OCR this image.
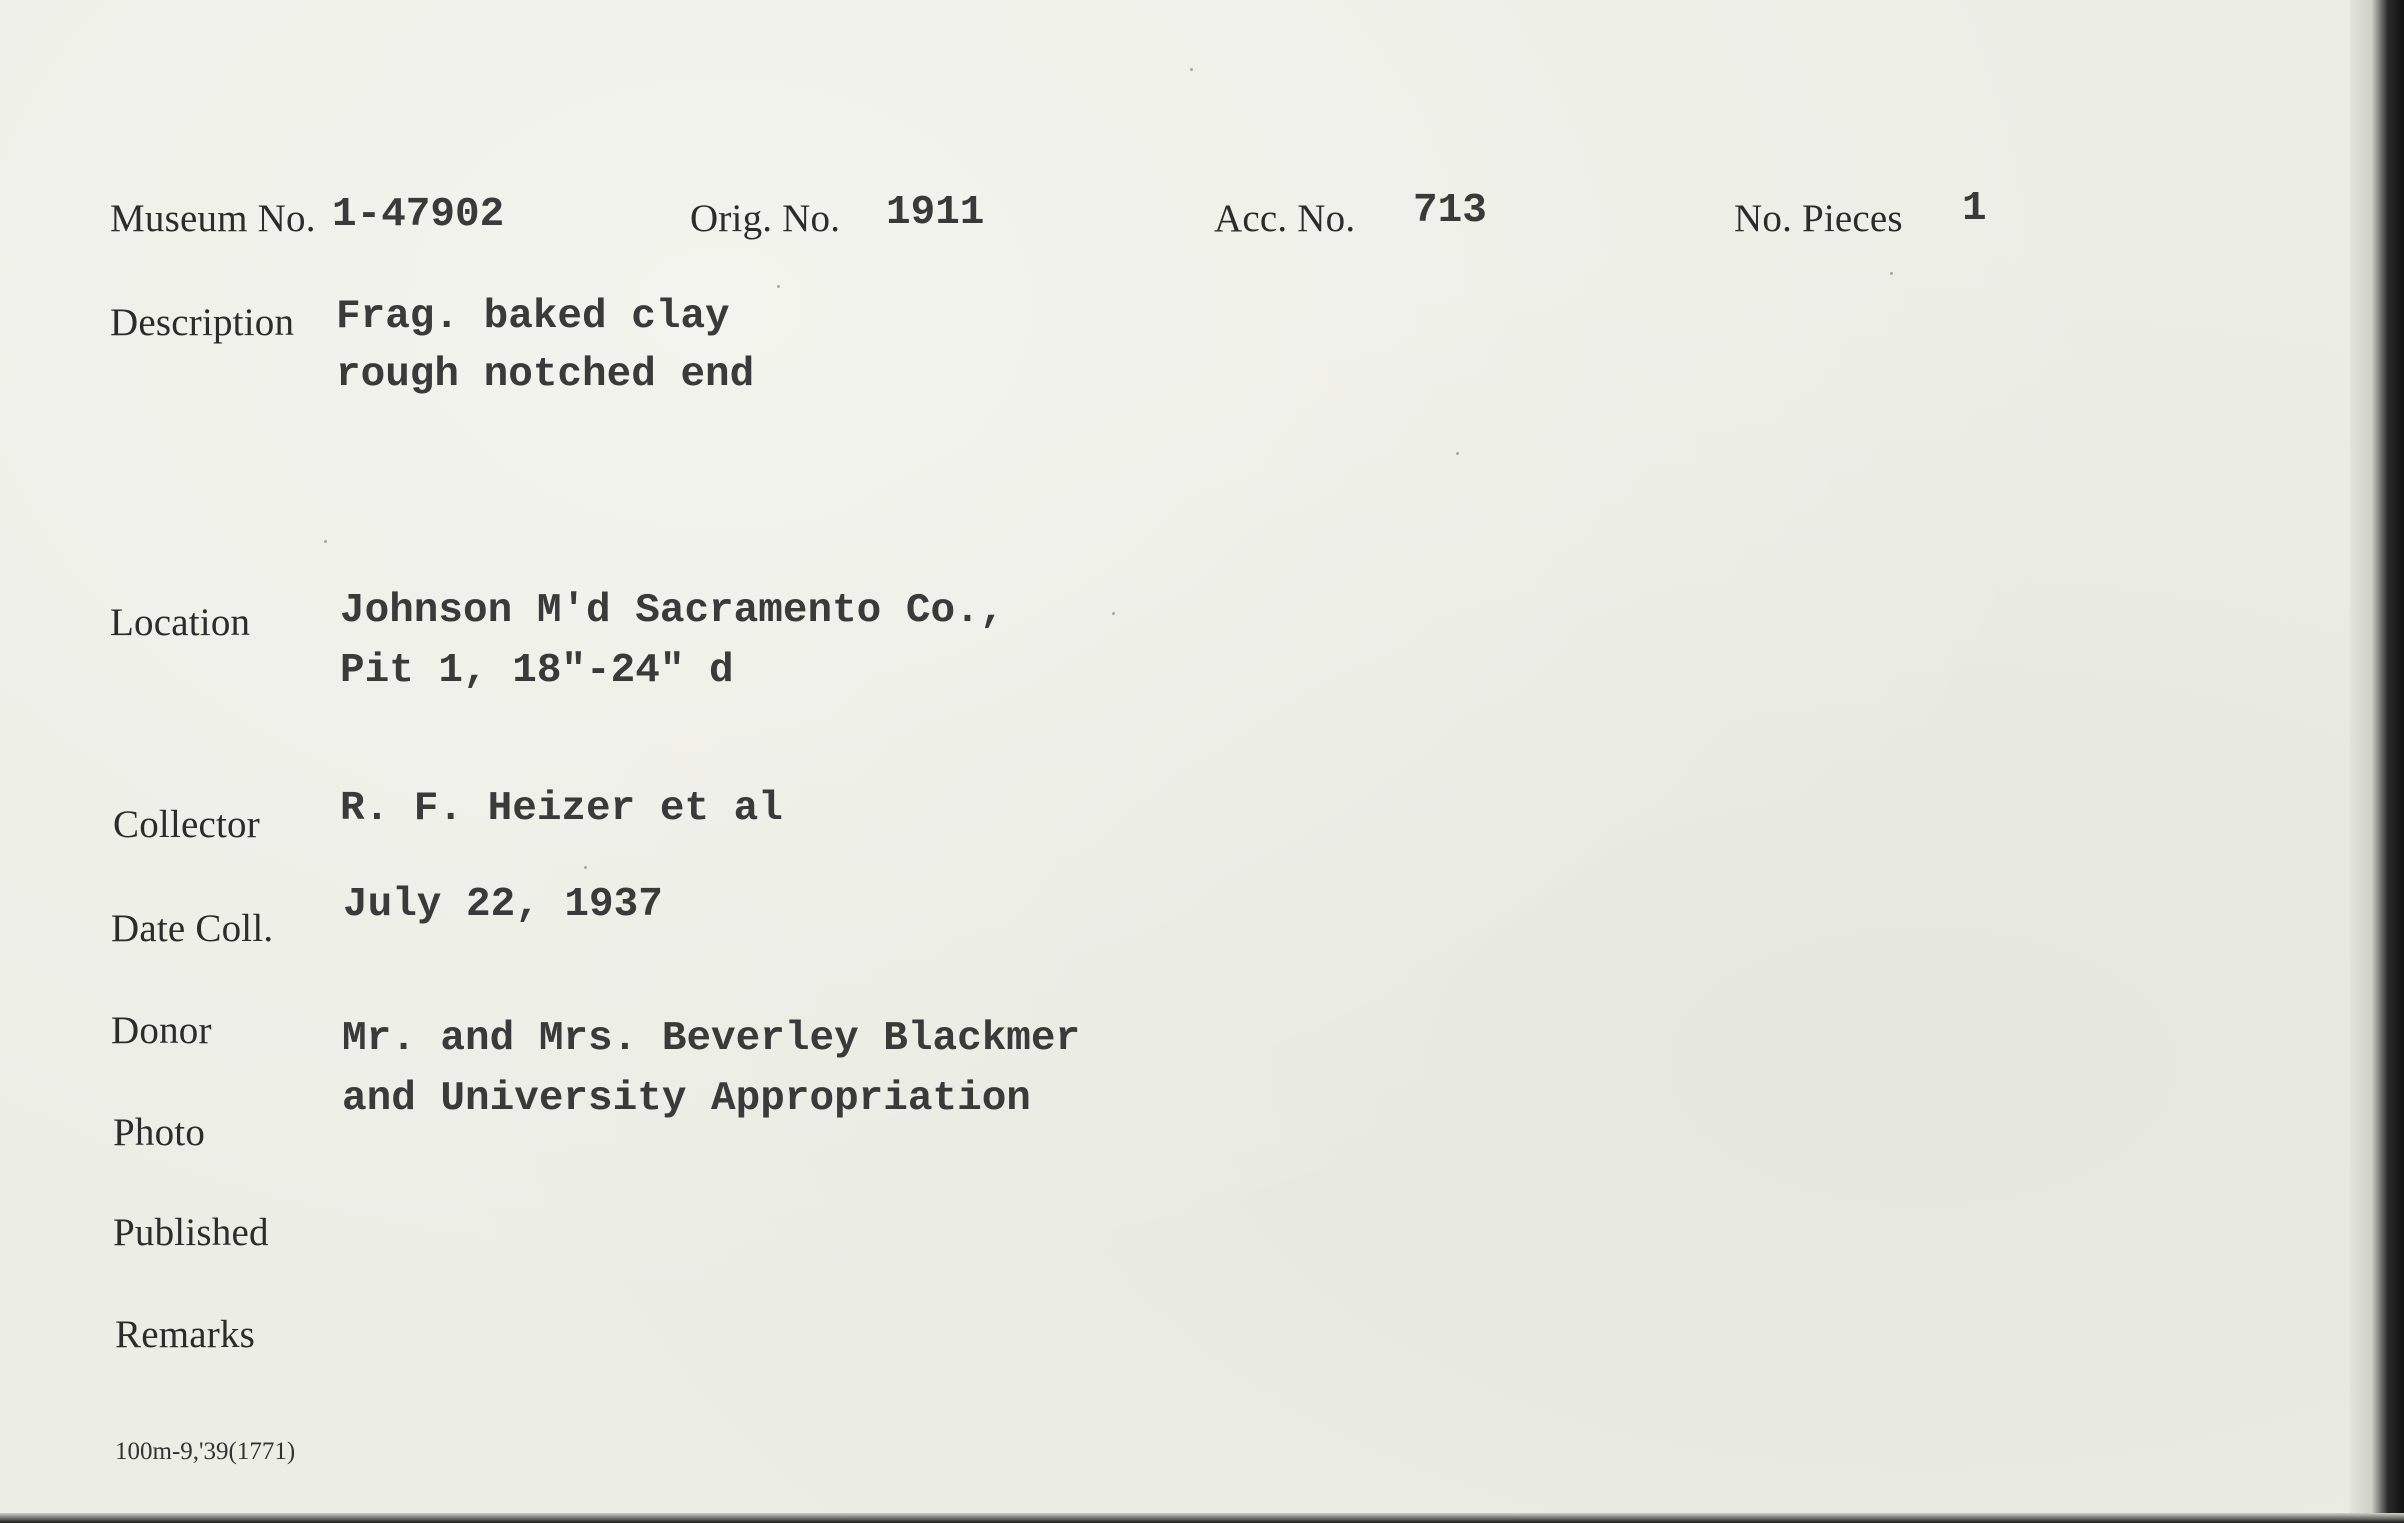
Museum No. 1-47902	Orig. No. 1911	Acc. No. 713	No. Pieces 1
Description Frag. baked clay
rough notched end
Location Johnson M'd Sacramento Co.,
Pit 1, 18"-24" d
Collector R. F. Heizer et al
Date Coll.
July 22, 1937
Donor	Mr. and Mrs. Beverley Blackmer
and University Appropriation
Photo
Published
Remarks
100m-9,'39(1771)
